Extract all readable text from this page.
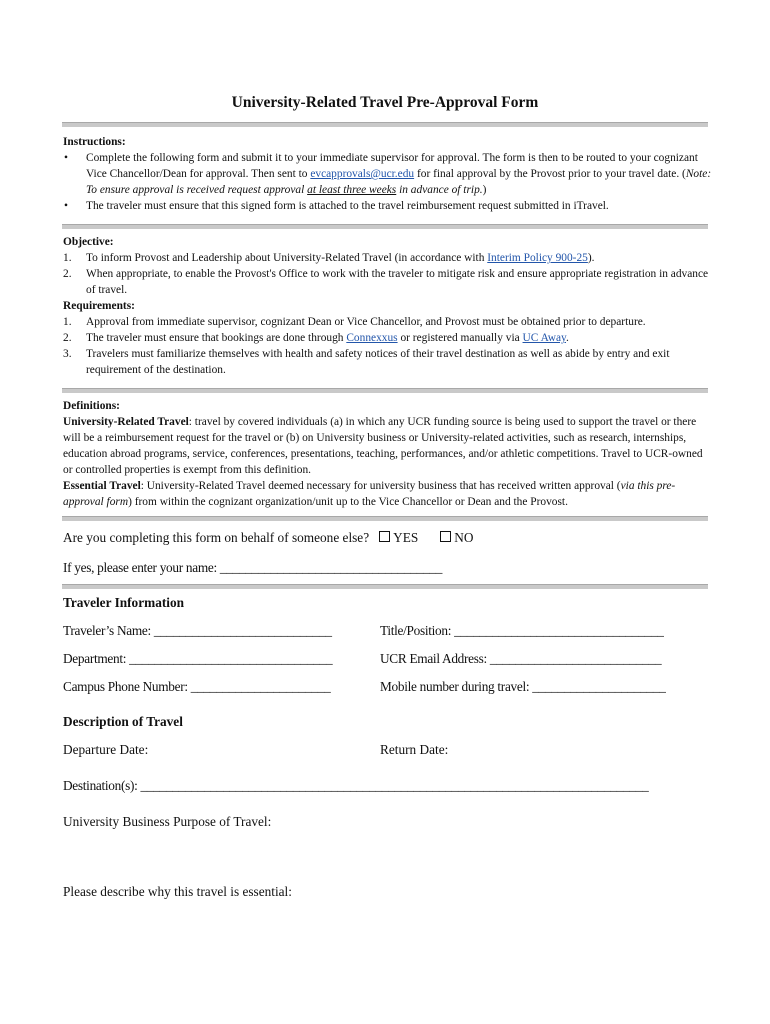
University-Related Travel Pre-Approval Form
Instructions:
• Complete the following form and submit it to your immediate supervisor for approval. The form is then to be routed to your cognizant Vice Chancellor/Dean for approval. Then sent to evcapprovals@ucr.edu for final approval by the Provost prior to your travel date. (Note: To ensure approval is received request approval at least three weeks in advance of trip.)
• The traveler must ensure that this signed form is attached to the travel reimbursement request submitted in iTravel.
Objective:
1. To inform Provost and Leadership about University-Related Travel (in accordance with Interim Policy 900-25).
2. When appropriate, to enable the Provost's Office to work with the traveler to mitigate risk and ensure appropriate registration in advance of travel.
Requirements:
1. Approval from immediate supervisor, cognizant Dean or Vice Chancellor, and Provost must be obtained prior to departure.
2. The traveler must ensure that bookings are done through Connexxus or registered manually via UC Away.
3. Travelers must familiarize themselves with health and safety notices of their travel destination as well as abide by entry and exit requirement of the destination.
Definitions:
University-Related Travel: travel by covered individuals (a) in which any UCR funding source is being used to support the travel or there will be a reimbursement request for the travel or (b) on University business or University-related activities, such as research, internships, education abroad programs, service, conferences, presentations, teaching, performances, and/or athletic competitions. Travel to UCR-owned or controlled properties is exempt from this definition.
Essential Travel: University-Related Travel deemed necessary for university business that has received written approval (via this pre-approval form) from within the cognizant organization/unit up to the Vice Chancellor or Dean and the Provost.
Are you completing this form on behalf of someone else? YES	NO
If yes, please enter your name: ___________________________________
Traveler Information
Traveler’s Name: ____________________________	Title/Position: _________________________________
Department: ________________________________	UCR Email Address: ___________________________
Campus Phone Number: ______________________	Mobile number during travel: _____________________
Description of Travel
Departure Date:	Return Date:
Destination(s): ________________________________________________________________________________
University Business Purpose of Travel:
Please describe why this travel is essential:
